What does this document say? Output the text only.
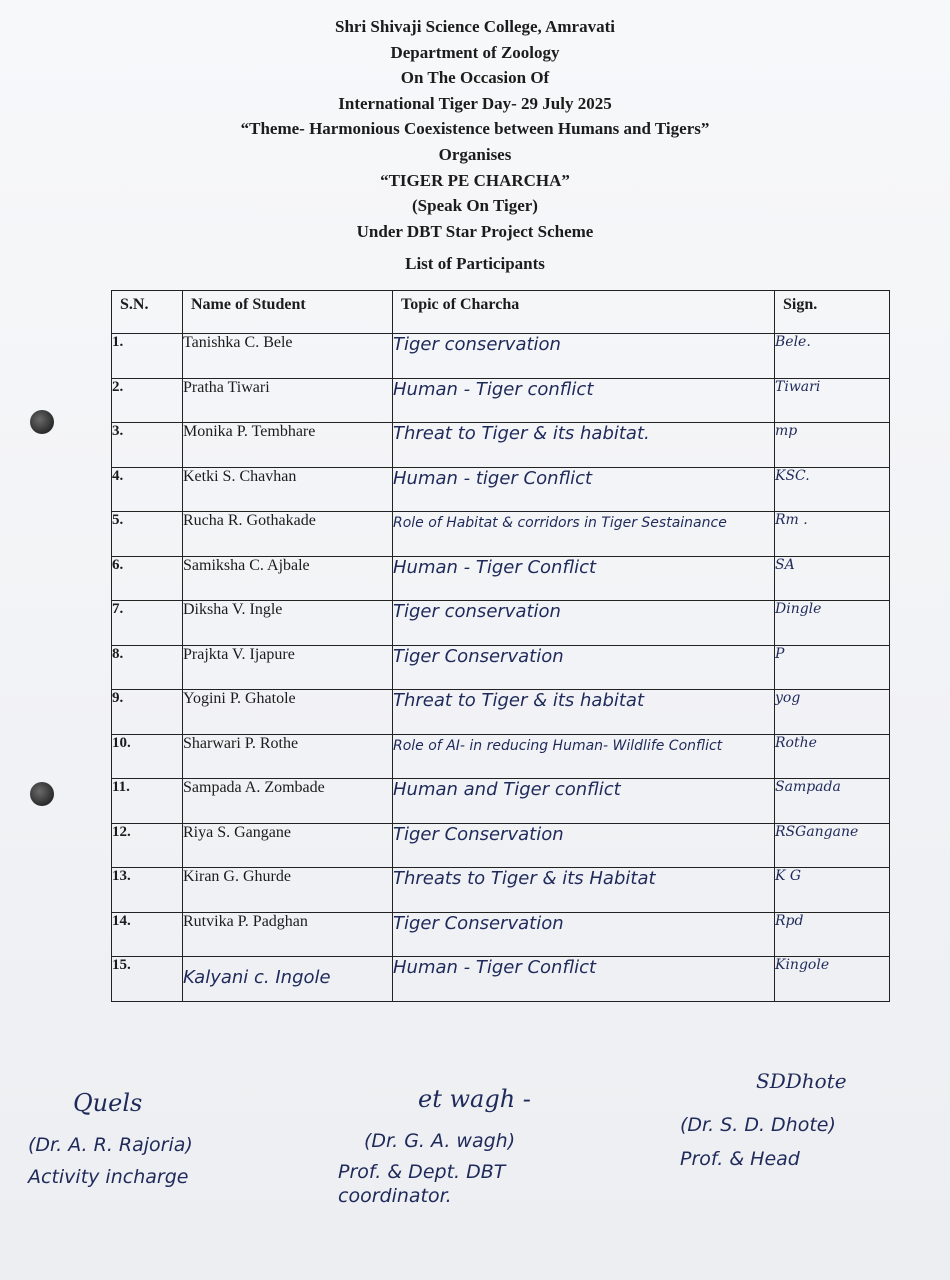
Shri Shivaji Science College, Amravati
Department of Zoology
On The Occasion Of
International Tiger Day- 29 July 2025
“Theme- Harmonious Coexistence between Humans and Tigers”
Organises
“TIGER PE CHARCHA”
(Speak On Tiger)
Under DBT Star Project Scheme
List of Participants
S.N.	Name of Student	Topic of Charcha	Sign.
1.	Tanishka C. Bele	Tiger conservation	Bele.
2.	Pratha Tiwari	Human - Tiger conflict	Tiwari
3.	Monika P. Tembhare	Threat to Tiger & its habitat.	mp
4.	Ketki S. Chavhan	Human - tiger Conflict	KSC.
5.	Rucha R. Gothakade	Role of Habitat & corridors in Tiger Sestainance	Rm .
6.	Samiksha C. Ajbale	Human - Tiger Conflict	SA
7.	Diksha V. Ingle	Tiger conservation	Dingle
8.	Prajkta V. Ijapure	Tiger Conservation	P
9.	Yogini P. Ghatole	Threat to Tiger & its habitat	yog
10.	Sharwari P. Rothe	Role of AI- in reducing Human- Wildlife Conflict	Rothe
11.	Sampada A. Zombade	Human and Tiger conflict	Sampada
12.	Riya S. Gangane	Tiger Conservation	RSGangane
13.	Kiran G. Ghurde	Threats to Tiger & its Habitat	K G
14.	Rutvika P. Padghan	Tiger Conservation	Rpd
15.	Kalyani c. Ingole	Human - Tiger Conflict	Kingole
Quels
(Dr. A. R. Rajoria)
Activity incharge
et wagh -
(Dr. G. A. wagh)
Prof. & Dept. DBT coordinator.
SDDhote
(Dr. S. D. Dhote)
Prof. & Head
